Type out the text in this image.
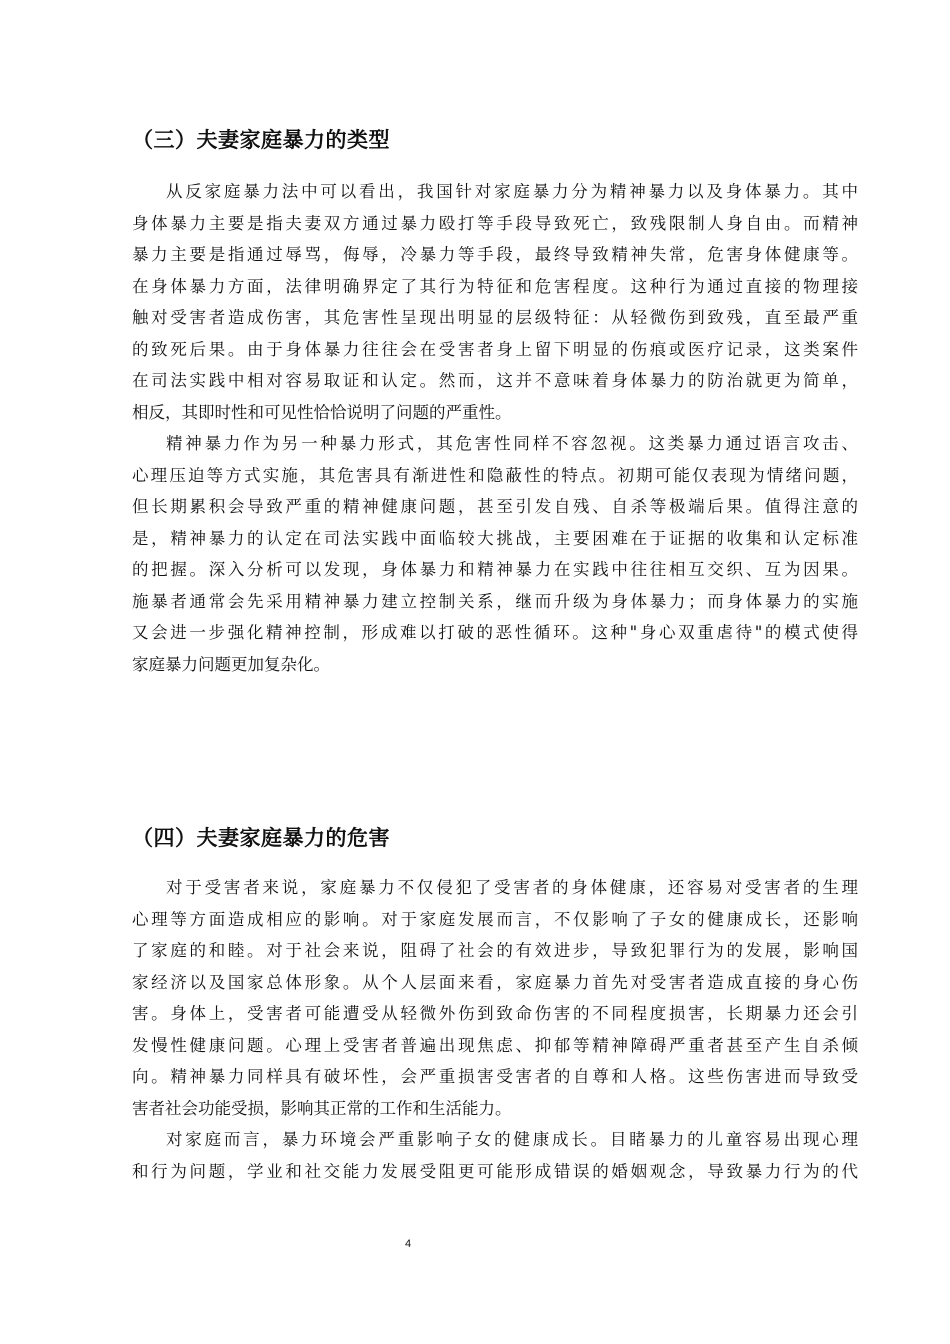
（三）夫妻家庭暴力的类型
从反家庭暴力法中可以看出，我国针对家庭暴力分为精神暴力以及身体暴力。其中
身体暴力主要是指夫妻双方通过暴力殴打等手段导致死亡，致残限制人身自由。而精神
暴力主要是指通过辱骂，侮辱，冷暴力等手段，最终导致精神失常，危害身体健康等。
在身体暴力方面，法律明确界定了其行为特征和危害程度。这种行为通过直接的物理接
触对受害者造成伤害，其危害性呈现出明显的层级特征：从轻微伤到致残，直至最严重
的致死后果。由于身体暴力往往会在受害者身上留下明显的伤痕或医疗记录，这类案件
在司法实践中相对容易取证和认定。然而，这并不意味着身体暴力的防治就更为简单，
相反，其即时性和可见性恰恰说明了问题的严重性。
精神暴力作为另一种暴力形式，其危害性同样不容忽视。这类暴力通过语言攻击、
心理压迫等方式实施，其危害具有渐进性和隐蔽性的特点。初期可能仅表现为情绪问题，
但长期累积会导致严重的精神健康问题，甚至引发自残、自杀等极端后果。值得注意的
是，精神暴力的认定在司法实践中面临较大挑战，主要困难在于证据的收集和认定标准
的把握。深入分析可以发现，身体暴力和精神暴力在实践中往往相互交织、互为因果。
施暴者通常会先采用精神暴力建立控制关系，继而升级为身体暴力；而身体暴力的实施
又会进一步强化精神控制，形成难以打破的恶性循环。这种"身心双重虐待"的模式使得
家庭暴力问题更加复杂化。
（四）夫妻家庭暴力的危害
对于受害者来说，家庭暴力不仅侵犯了受害者的身体健康，还容易对受害者的生理
心理等方面造成相应的影响。对于家庭发展而言，不仅影响了子女的健康成长，还影响
了家庭的和睦。对于社会来说，阻碍了社会的有效进步，导致犯罪行为的发展，影响国
家经济以及国家总体形象。从个人层面来看，家庭暴力首先对受害者造成直接的身心伤
害。身体上，受害者可能遭受从轻微外伤到致命伤害的不同程度损害，长期暴力还会引
发慢性健康问题。心理上受害者普遍出现焦虑、抑郁等精神障碍严重者甚至产生自杀倾
向。精神暴力同样具有破坏性，会严重损害受害者的自尊和人格。这些伤害进而导致受
害者社会功能受损，影响其正常的工作和生活能力。
对家庭而言，暴力环境会严重影响子女的健康成长。目睹暴力的儿童容易出现心理
和行为问题，学业和社交能力发展受阻更可能形成错误的婚姻观念，导致暴力行为的代
4
